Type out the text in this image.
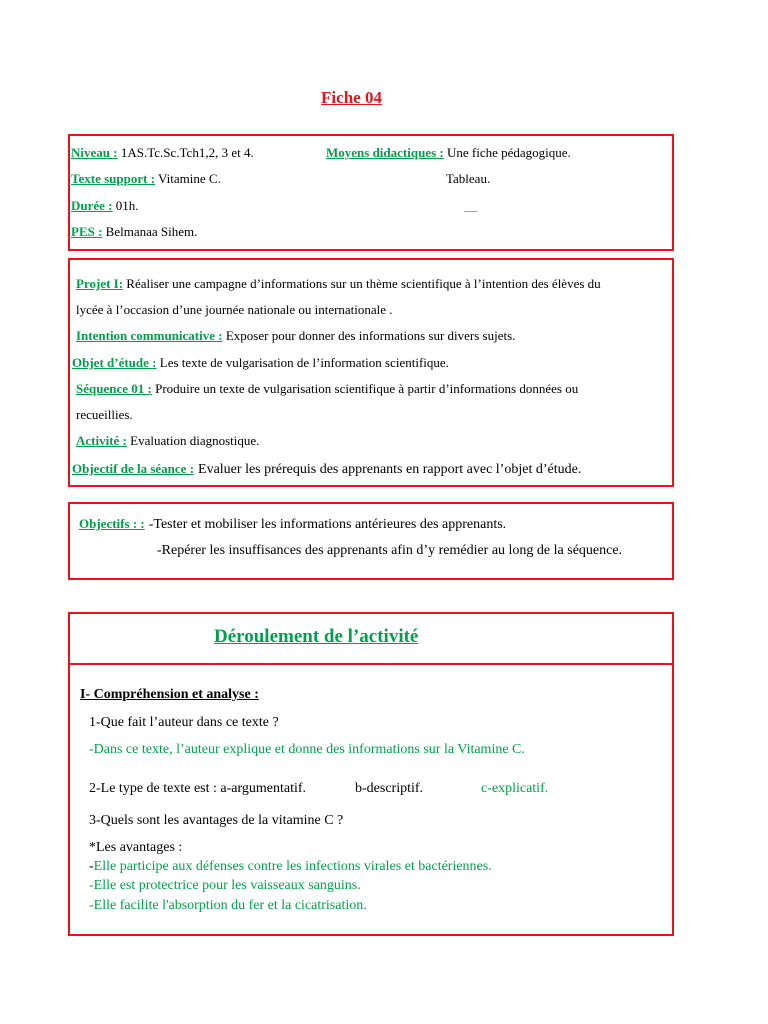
Fiche 04
Niveau : 1AS.Tc.Sc.Tch1,2, 3 et 4.	Moyens didactiques : Une fiche pédagogique.
Texte support : Vitamine C.	Tableau.
Durée : 01h.	__
PES : Belmanaa Sihem.
Projet I: Réaliser une campagne d’informations sur un thème scientifique à l’intention des élèves du
lycée à l’occasion d’une journée nationale ou internationale .
Intention communicative : Exposer pour donner des informations sur divers sujets.
Objet d’étude : Les texte de vulgarisation de l’information scientifique.
Séquence 01 : Produire un texte de vulgarisation scientifique à partir d’informations données ou
recueillies.
Activité : Evaluation diagnostique.
Objectif de la séance : Evaluer les prérequis des apprenants en rapport avec l’objet d’étude.
Objectifs : : -Tester et mobiliser les informations antérieures des apprenants.
-Repérer les insuffisances des apprenants afin d’y remédier au long de la séquence.
Déroulement de l’activité
I- Compréhension et analyse :
1-Que fait l’auteur dans ce texte ?
-Dans ce texte, l’auteur explique et donne des informations sur la Vitamine C.
2-Le type de texte est : a-argumentatif.	b-descriptif.	c-explicatif.
3-Quels sont les avantages de la vitamine C ?
*Les avantages :
-Elle participe aux défenses contre les infections virales et bactériennes.
-Elle est protectrice pour les vaisseaux sanguins.
-Elle facilite l'absorption du fer et la cicatrisation.
